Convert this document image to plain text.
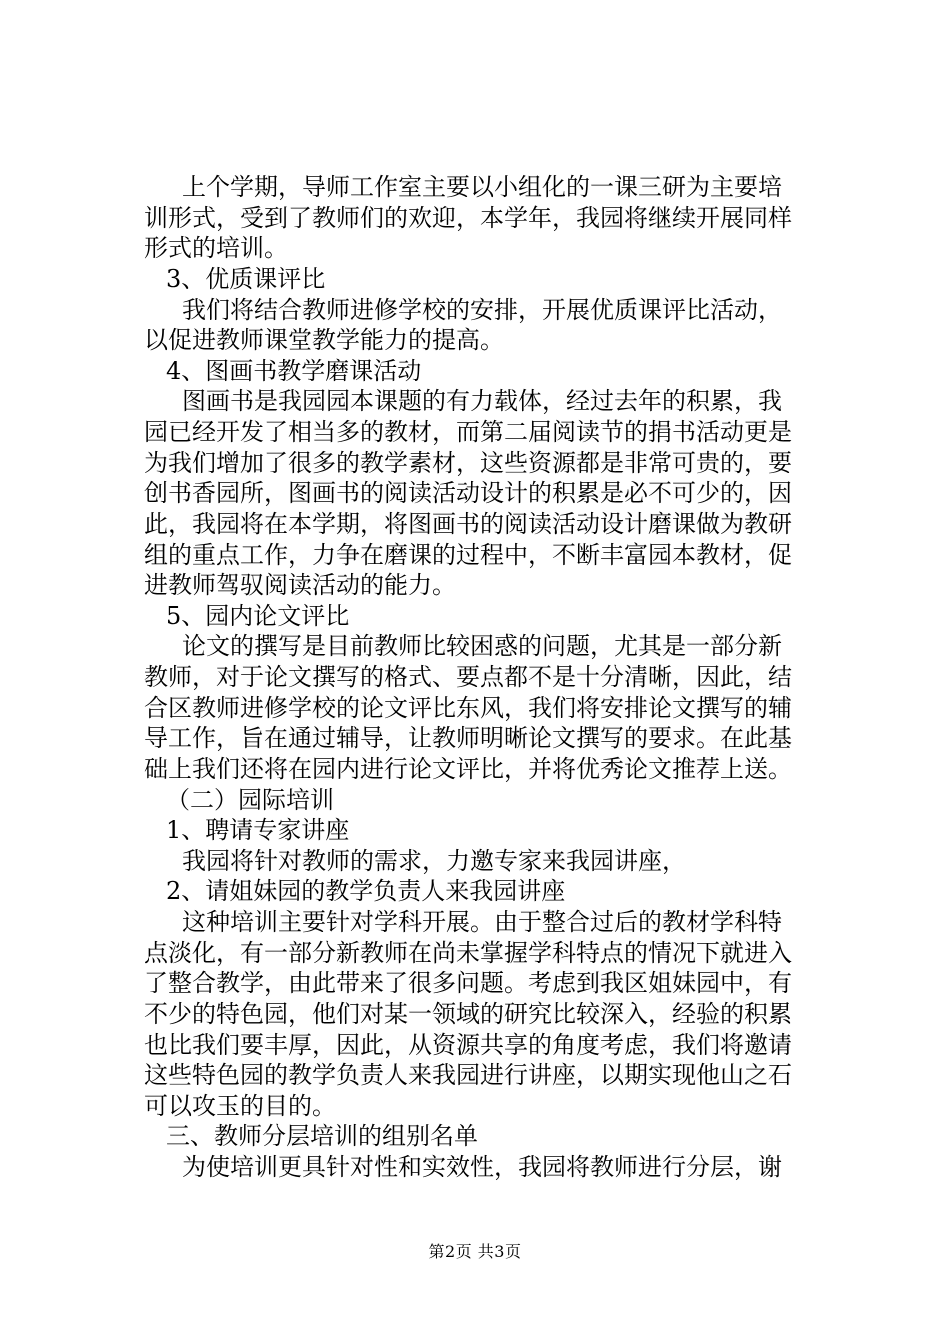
上个学期，导师工作室主要以小组化的一课三研为主要培
训形式，受到了教师们的欢迎，本学年，我园将继续开展同样
形式的培训。
3、优质课评比
我们将结合教师进修学校的安排，开展优质课评比活动，
以促进教师课堂教学能力的提高。
4、图画书教学磨课活动
图画书是我园园本课题的有力载体，经过去年的积累，我
园已经开发了相当多的教材，而第二届阅读节的捐书活动更是
为我们增加了很多的教学素材，这些资源都是非常可贵的，要
创书香园所，图画书的阅读活动设计的积累是必不可少的，因
此，我园将在本学期，将图画书的阅读活动设计磨课做为教研
组的重点工作，力争在磨课的过程中，不断丰富园本教材，促
进教师驾驭阅读活动的能力。
5、园内论文评比
论文的撰写是目前教师比较困惑的问题，尤其是一部分新
教师，对于论文撰写的格式、要点都不是十分清晰，因此，结
合区教师进修学校的论文评比东风，我们将安排论文撰写的辅
导工作，旨在通过辅导，让教师明晰论文撰写的要求。在此基
础上我们还将在园内进行论文评比，并将优秀论文推荐上送。
（二）园际培训
1、聘请专家讲座
我园将针对教师的需求，力邀专家来我园讲座，
2、请姐妹园的教学负责人来我园讲座
这种培训主要针对学科开展。由于整合过后的教材学科特
点淡化，有一部分新教师在尚未掌握学科特点的情况下就进入
了整合教学，由此带来了很多问题。考虑到我区姐妹园中，有
不少的特色园，他们对某一领域的研究比较深入，经验的积累
也比我们要丰厚，因此，从资源共享的角度考虑，我们将邀请
这些特色园的教学负责人来我园进行讲座，以期实现他山之石
可以攻玉的目的。
三、教师分层培训的组别名单
为使培训更具针对性和实效性，我园将教师进行分层，谢
第2页 共3页
